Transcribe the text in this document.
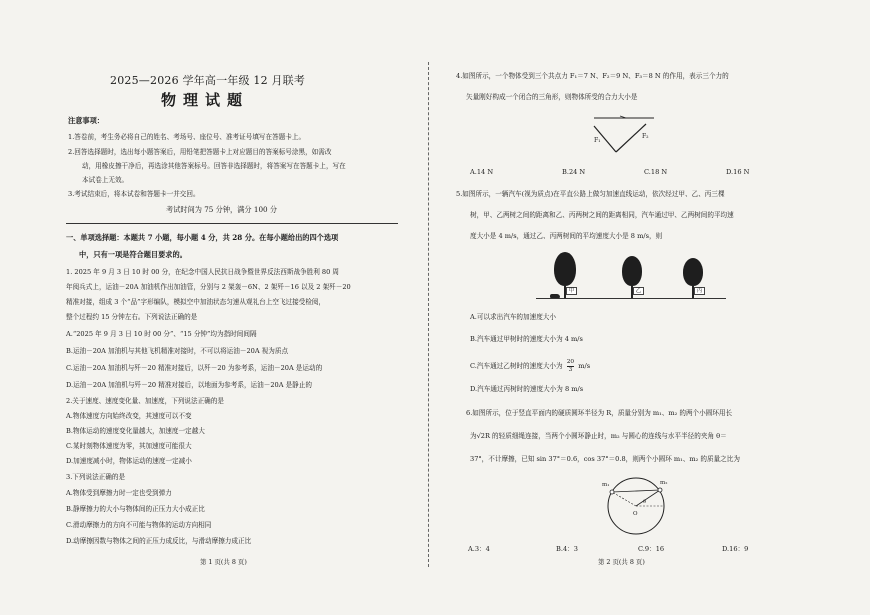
2025—2026 学年高一年级 12 月联考
物理试题
注意事项：
1.答卷前，考生务必将自己的姓名、考场号、座位号、准考证号填写在答题卡上。
2.回答选择题时，选出每小题答案后，用铅笔把答题卡上对应题目的答案标号涂黑，如需改
动，用橡皮擦干净后，再选涂其他答案标号。回答非选择题时，将答案写在答题卡上，写在
本试卷上无效。
3.考试结束后，将本试卷和答题卡一并交回。
考试时间为 75 分钟，满分 100 分
一、单项选择题：本题共 7 小题，每小题 4 分，共 28 分。在每小题给出的四个选项
中，只有一项是符合题目要求的。
1. 2025 年 9 月 3 日 10 时 00 分，在纪念中国人民抗日战争暨世界反法西斯战争胜利 80 周
年阅兵式上，运油－20A 加油机作出加油管，分别与 2 架轰－6N、2 架歼－16 以及 2 架歼－20
精准对接，组成 3 个“品”字形编队，模拟空中加油状态匀速从观礼台上空飞过接受检阅，
整个过程约 15 分钟左右。下列说法正确的是
A.“2025 年 9 月 3 日 10 时 00 分”、“15 分钟”均为指时间间隔
B.运油－20A 加油机与其他飞机精准对接时，不可以将运油－20A 视为质点
C.运油－20A 加油机与歼－20 精准对接后，以歼－20 为参考系，运油－20A 是运动的
D.运油－20A 加油机与歼－20 精准对接后，以地面为参考系，运油－20A 是静止的
2.关于速度、速度变化量、加速度，下列说法正确的是
A.物体速度方向始终改变，其速度可以不变
B.物体运动的速度变化量越大，加速度一定越大
C.某时刻物体速度为零，其加速度可能很大
D.加速度减小时，物体运动的速度一定减小
3.下列说法正确的是
A.物体受到摩擦力时一定也受到弹力
B.静摩擦力的大小与物体间的正压力大小成正比
C.滑动摩擦力的方向不可能与物体的运动方向相同
D.动摩擦因数与物体之间的正压力成反比，与滑动摩擦力成正比
第 1 页(共 8 页)
4.如图所示，一个物体受到三个共点力 F₁＝7 N、F₂＝9 N、F₃＝8 N 的作用，表示三个力的
矢量刚好构成一个闭合的三角形，则物体所受的合力大小是
F₁
F₂
A.14 N	B.24 N	C.18 N	D.16 N
5.如图所示，一辆汽车(视为质点)在平直公路上做匀加速直线运动，依次经过甲、乙、丙三棵
树，甲、乙两树之间的距离和乙、丙两树之间的距离相同，汽车通过甲、乙两树间的平均速
度大小是 4 m/s，通过乙、丙两树间的平均速度大小是 8 m/s，则
甲	乙	丙
A.可以求出汽车的加速度大小
B.汽车通过甲树时的速度大小为 4 m/s
C.汽车通过乙树时的速度大小为 $\frac{20}{3} m/s$
D.汽车通过丙树时的速度大小为 8 m/s
6.如图所示，位于竖直平面内的硬质圆环半径为 R，质量分别为 m₁、m₂ 的两个小圆环用长
为√2R 的轻质细绳连接，当两个小圆环静止时，m₂ 与圆心的连线与水平半径的夹角 θ＝
37°，不计摩擦，已知 sin 37°＝0.6，cos 37°＝0.8，则两个小圆环 m₁、m₂ 的质量之比为
m₁	m₂
O
θ
A.3：4	B.4：3	C.9：16	D.16：9
第 2 页(共 8 页)
